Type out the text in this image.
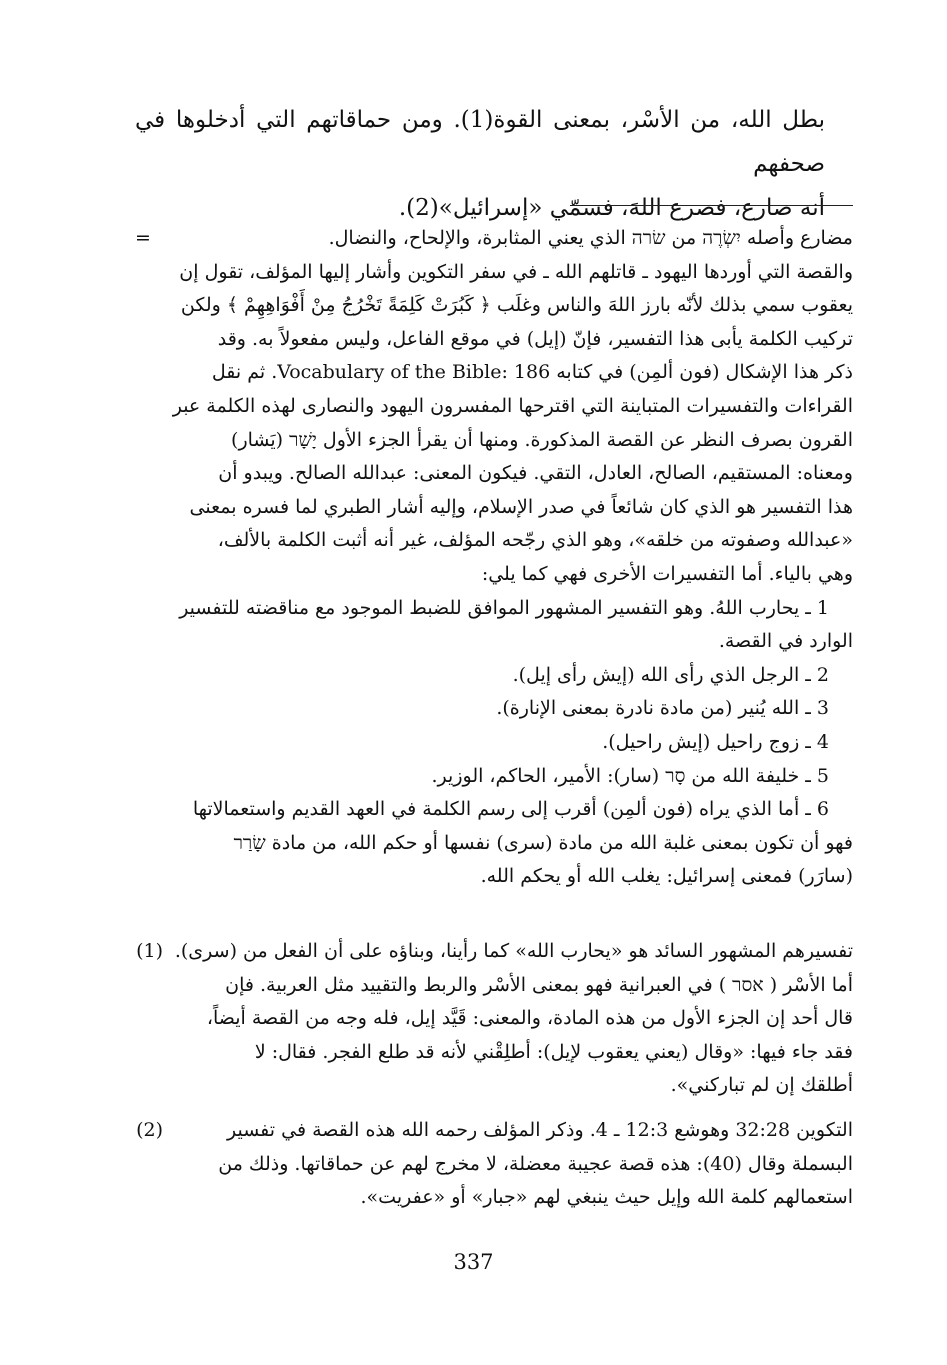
بطل الله، من الأسْر، بمعنى القوة(1). ومن حماقاتهم التي أدخلوها في صحفهم

أنه صارع، فصرع اللهَ، فسمّي «إسرائيل»(2).

=	مضارع وأصله יִשְׂרֶה من שׂרה الذي يعني المثابرة، والإلحاح، والنضال.

والقصة التي أوردها اليهود ـ قاتلهم الله ـ في سفر التكوين وأشار إليها المؤلف، تقول إن

يعقوب سمي بذلك لأنّه بارز اللهَ والناس وغلَب ﴿ كَبُرَتْ كَلِمَةً تَخْرُجُ مِنْ أَفْوَاهِهِمْ ﴾ ولكن

تركيب الكلمة يأبى هذا التفسير، فإنّ (إيل) في موقع الفاعل، وليس مفعولاً به. وقد

ذكر هذا الإشكال (فون ألمِن) في كتابه Vocabulary of the Bible: 186. ثم نقل

القراءات والتفسيرات المتباينة التي اقترحها المفسرون اليهود والنصارى لهذه الكلمة عبر

القرون بصرف النظر عن القصة المذكورة. ومنها أن يقرأ الجزء الأول יָשָׁר (يَشار)

ومعناه: المستقيم، الصالح، العادل، التقي. فيكون المعنى: عبدالله الصالح. ويبدو أن

هذا التفسير هو الذي كان شائعاً في صدر الإسلام، وإليه أشار الطبري لما فسره بمعنى

«عبدالله وصفوته من خلقه»، وهو الذي رجّحه المؤلف، غير أنه أثبت الكلمة بالألف،

وهي بالياء. أما التفسيرات الأخرى فهي كما يلي:

1 ـ يحارب اللهُ. وهو التفسير المشهور الموافق للضبط الموجود مع مناقضته للتفسير

الوارد في القصة.

2 ـ الرجل الذي رأى الله (إيش رأى إيل).

3 ـ الله يُنير (من مادة نادرة بمعنى الإنارة).

4 ـ زوج راحيل (إيش راحيل).

5 ـ خليفة الله من סָר (سار): الأمير، الحاكم، الوزير.

6 ـ أما الذي يراه (فون ألمِن) أقرب إلى رسم الكلمة في العهد القديم واستعمالاتها

فهو أن تكون بمعنى غلبة الله من مادة (سرى) نفسها أو حكم الله، من مادة שָׂרַר

(سارَر) فمعنى إسرائيل: يغلب الله أو يحكم الله.

(1) تفسيرهم المشهور السائد هو «يحارب الله» كما رأينا، وبناؤه على أن الفعل من (سرى).

أما الأسْر ( אסר ) في العبرانية فهو بمعنى الأسْر والربط والتقييد مثل العربية. فإن

قال أحد إن الجزء الأول من هذه المادة، والمعنى: قَيَّد إيل، فله وجه من القصة أيضاً،

فقد جاء فيها: «وقال (يعني يعقوب لإيل): أطلِقْني لأنه قد طلع الفجر. فقال: لا

أطلقك إن لم تباركني».

(2)	التكوين 32:28 وهوشع 12:3 ـ 4. وذكر المؤلف رحمه الله هذه القصة في تفسير

البسملة وقال (40): هذه قصة عجيبة معضلة، لا مخرج لهم عن حماقاتها. وذلك من

استعمالهم كلمة الله وإيل حيث ينبغي لهم «جبار» أو «عفريت».

337
